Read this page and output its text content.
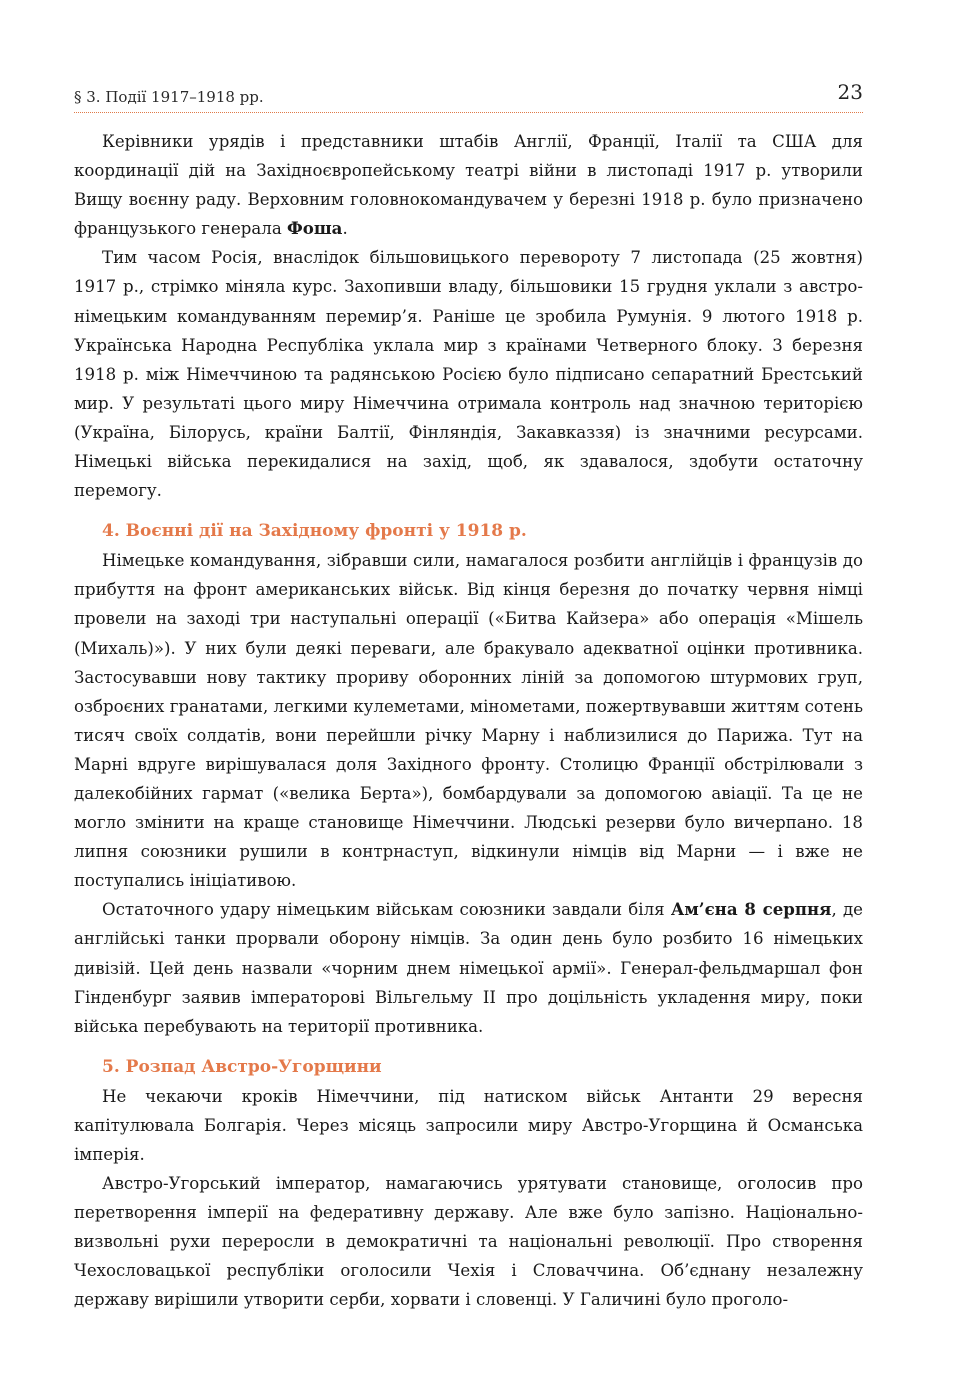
§ 3. Події 1917–1918 рр.	23

Керівники урядів і представники штабів Англії, Франції, Італії та США для координації дій на Західноєвропейському театрі війни в листопаді 1917 р. утворили Вищу воєнну раду. Верховним головнокомандувачем у березні 1918 р. було призначено французького генерала Фоша.

Тим часом Росія, внаслідок більшовицького перевороту 7 листопада (25 жовтня) 1917 р., стрімко міняла курс. Захопивши владу, більшовики 15 грудня уклали з австро-німецьким командуванням перемир’я. Раніше це зробила Румунія. 9 лютого 1918 р. Українська Народна Республіка уклала мир з країнами Четверного блоку. 3 березня 1918 р. між Німеччиною та радянською Росією було підписано сепаратний Брестський мир. У результаті цього миру Німеччина отримала контроль над значною територією (Україна, Білорусь, країни Балтії, Фінляндія, Закавказзя) із значними ресурсами. Німецькі війська перекидалися на захід, щоб, як здавалося, здобути остаточну перемогу.

4. Воєнні дії на Західному фронті у 1918 р.

Німецьке командування, зібравши сили, намагалося розбити англійців і французів до прибуття на фронт американських військ. Від кінця березня до початку червня німці провели на заході три наступальні операції («Битва Кайзера» або операція «Мішель (Михаль)»). У них були деякі переваги, але бракувало адекватної оцінки противника. Застосувавши нову тактику прориву оборонних ліній за допомогою штурмових груп, озброєних гранатами, легкими кулеметами, мінометами, пожертвувавши життям сотень тисяч своїх солдатів, вони перейшли річку Марну і наблизилися до Парижа. Тут на Марні вдруге вирішувалася доля Західного фронту. Столицю Франції обстрілювали з далекобійних гармат («велика Берта»), бомбардували за допомогою авіації. Та це не могло змінити на краще становище Німеччини. Людські резерви було вичерпано. 18 липня союзники рушили в контрнаступ, відкинули німців від Марни — і вже не поступались ініціативою.

Остаточного удару німецьким військам союзники завдали біля Ам’єна 8 серпня, де англійські танки прорвали оборону німців. За один день було розбито 16 німецьких дивізій. Цей день назвали «чорним днем німецької армії». Генерал-фельдмаршал фон Гінденбург заявив імператорові Вільгельму II про доцільність укладення миру, поки війська перебувають на території противника.

5. Розпад Австро-Угорщини

Не чекаючи кроків Німеччини, під натиском військ Антанти 29 вересня капітулювала Болгарія. Через місяць запросили миру Австро-Угорщина й Османська імперія.

Австро-Угорський імператор, намагаючись урятувати становище, оголосив про перетворення імперії на федеративну державу. Але вже було запізно. Національно-визвольні рухи переросли в демократичні та національні революції. Про створення Чехословацької республіки оголосили Чехія і Словаччина. Об’єднану незалежну державу вирішили утворити серби, хорвати і словенці. У Галичині було проголо-
